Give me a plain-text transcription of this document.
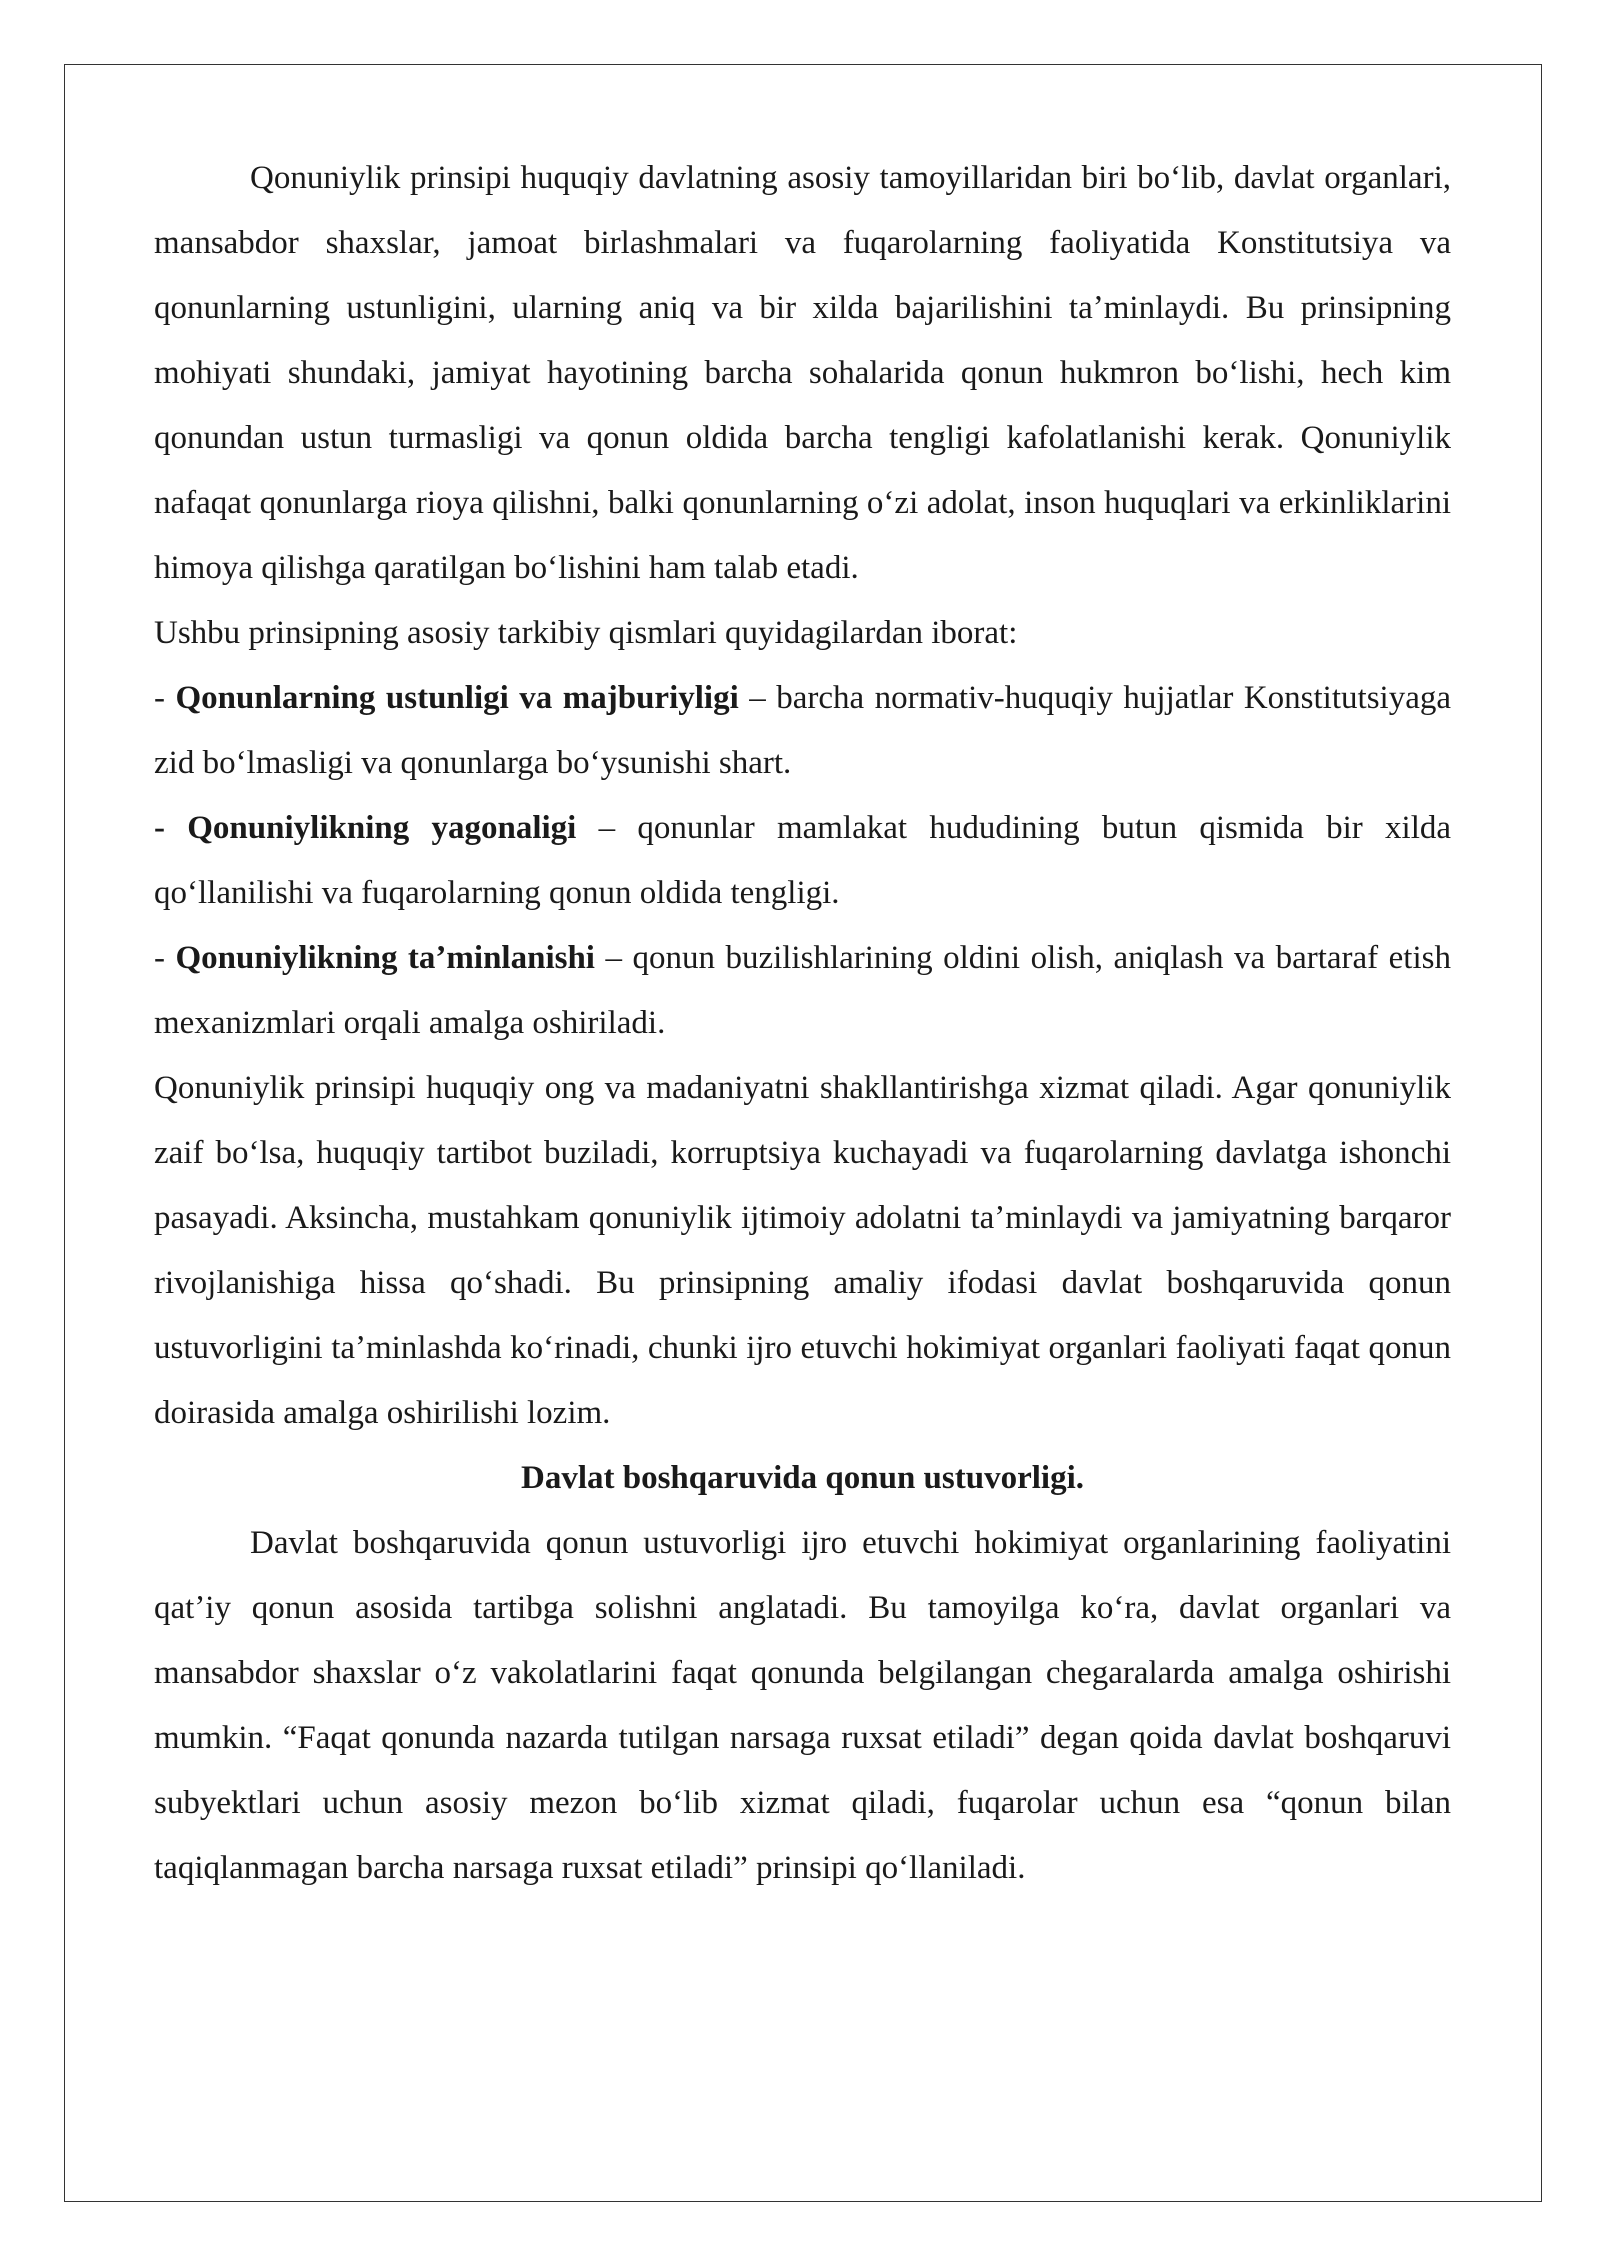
Qonuniylik prinsipi huquqiy davlatning asosiy tamoyillaridan biri boʻlib, davlat organlari, mansabdor shaxslar, jamoat birlashmalari va fuqarolarning faoliyatida Konstitutsiya va qonunlarning ustunligini, ularning aniq va bir xilda bajarilishini taʼminlaydi. Bu prinsipning mohiyati shundaki, jamiyat hayotining barcha sohalarida qonun hukmron boʻlishi, hech kim qonundan ustun turmasligi va qonun oldida barcha tengligi kafolatlanishi kerak. Qonuniylik nafaqat qonunlarga rioya qilishni, balki qonunlarning oʻzi adolat, inson huquqlari va erkinliklarini himoya qilishga qaratilgan boʻlishini ham talab etadi.

Ushbu prinsipning asosiy tarkibiy qismlari quyidagilardan iborat:

- Qonunlarning ustunligi va majburiyligi – barcha normativ-huquqiy hujjatlar Konstitutsiyaga zid boʻlmasligi va qonunlarga boʻysunishi shart.

- Qonuniylikning yagonaligi – qonunlar mamlakat hududining butun qismida bir xilda qoʻllanilishi va fuqarolarning qonun oldida tengligi.

- Qonuniylikning taʼminlanishi – qonun buzilishlarining oldini olish, aniqlash va bartaraf etish mexanizmlari orqali amalga oshiriladi.

Qonuniylik prinsipi huquqiy ong va madaniyatni shakllantirishga xizmat qiladi. Agar qonuniylik zaif boʻlsa, huquqiy tartibot buziladi, korruptsiya kuchayadi va fuqarolarning davlatga ishonchi pasayadi. Aksincha, mustahkam qonuniylik ijtimoiy adolatni taʼminlaydi va jamiyatning barqaror rivojlanishiga hissa qoʻshadi. Bu prinsipning amaliy ifodasi davlat boshqaruvida qonun ustuvorligini taʼminlashda koʻrinadi, chunki ijro etuvchi hokimiyat organlari faoliyati faqat qonun doirasida amalga oshirilishi lozim.

Davlat boshqaruvida qonun ustuvorligi.

Davlat boshqaruvida qonun ustuvorligi ijro etuvchi hokimiyat organlarining faoliyatini qatʼiy qonun asosida tartibga solishni anglatadi. Bu tamoyilga koʻra, davlat organlari va mansabdor shaxslar oʻz vakolatlarini faqat qonunda belgilangan chegaralarda amalga oshirishi mumkin. “Faqat qonunda nazarda tutilgan narsaga ruxsat etiladi” degan qoida davlat boshqaruvi subyektlari uchun asosiy mezon boʻlib xizmat qiladi, fuqarolar uchun esa “qonun bilan taqiqlanmagan barcha narsaga ruxsat etiladi” prinsipi qoʻllaniladi.
